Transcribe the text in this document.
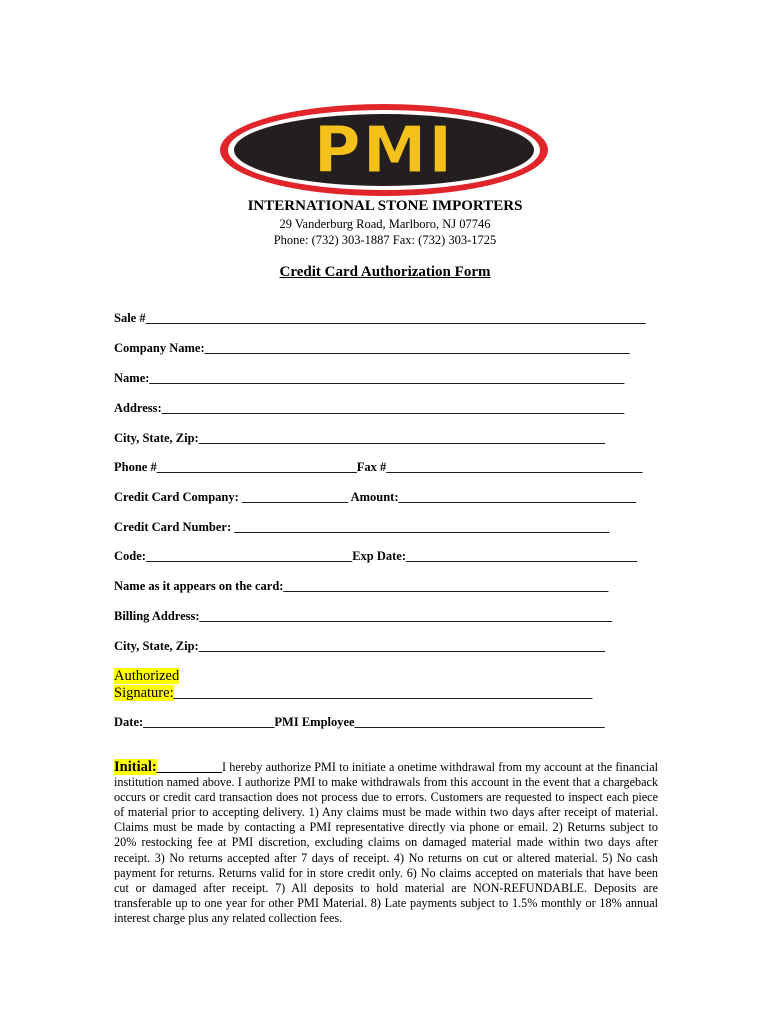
PMI
INTERNATIONAL STONE IMPORTERS
29 Vanderburg Road, Marlboro, NJ 07746
Phone: (732) 303-1887 Fax: (732) 303-1725
Credit Card Authorization Form
Sale #________________________________________________________________________________
Company Name:____________________________________________________________________
Name:____________________________________________________________________________
Address:__________________________________________________________________________
City, State, Zip:_________________________________________________________________
Phone #________________________________Fax #_________________________________________
Credit Card Company: _________________ Amount:______________________________________
Credit Card Number: ____________________________________________________________
Code:_________________________________Exp Date:_____________________________________
Name as it appears on the card:____________________________________________________
Billing Address:__________________________________________________________________
City, State, Zip:_________________________________________________________________
Authorized
Signature:___________________________________________________________________
Date:_____________________PMI Employee________________________________________
Initial:_________I hereby authorize PMI to initiate a onetime withdrawal from my account at the financial institution named above. I authorize PMI to make withdrawals from this account in the event that a chargeback occurs or credit card transaction does not process due to errors. Customers are requested to inspect each piece of material prior to accepting delivery. 1) Any claims must be made within two days after receipt of material. Claims must be made by contacting a PMI representative directly via phone or email. 2) Returns subject to 20% restocking fee at PMI discretion, excluding claims on damaged material made within two days after receipt. 3) No returns accepted after 7 days of receipt. 4) No returns on cut or altered material. 5) No cash payment for returns. Returns valid for in store credit only. 6) No claims accepted on materials that have been cut or damaged after receipt. 7) All deposits to hold material are NON-REFUNDABLE. Deposits are transferable up to one year for other PMI Material. 8) Late payments subject to 1.5% monthly or 18% annual interest charge plus any related collection fees.
